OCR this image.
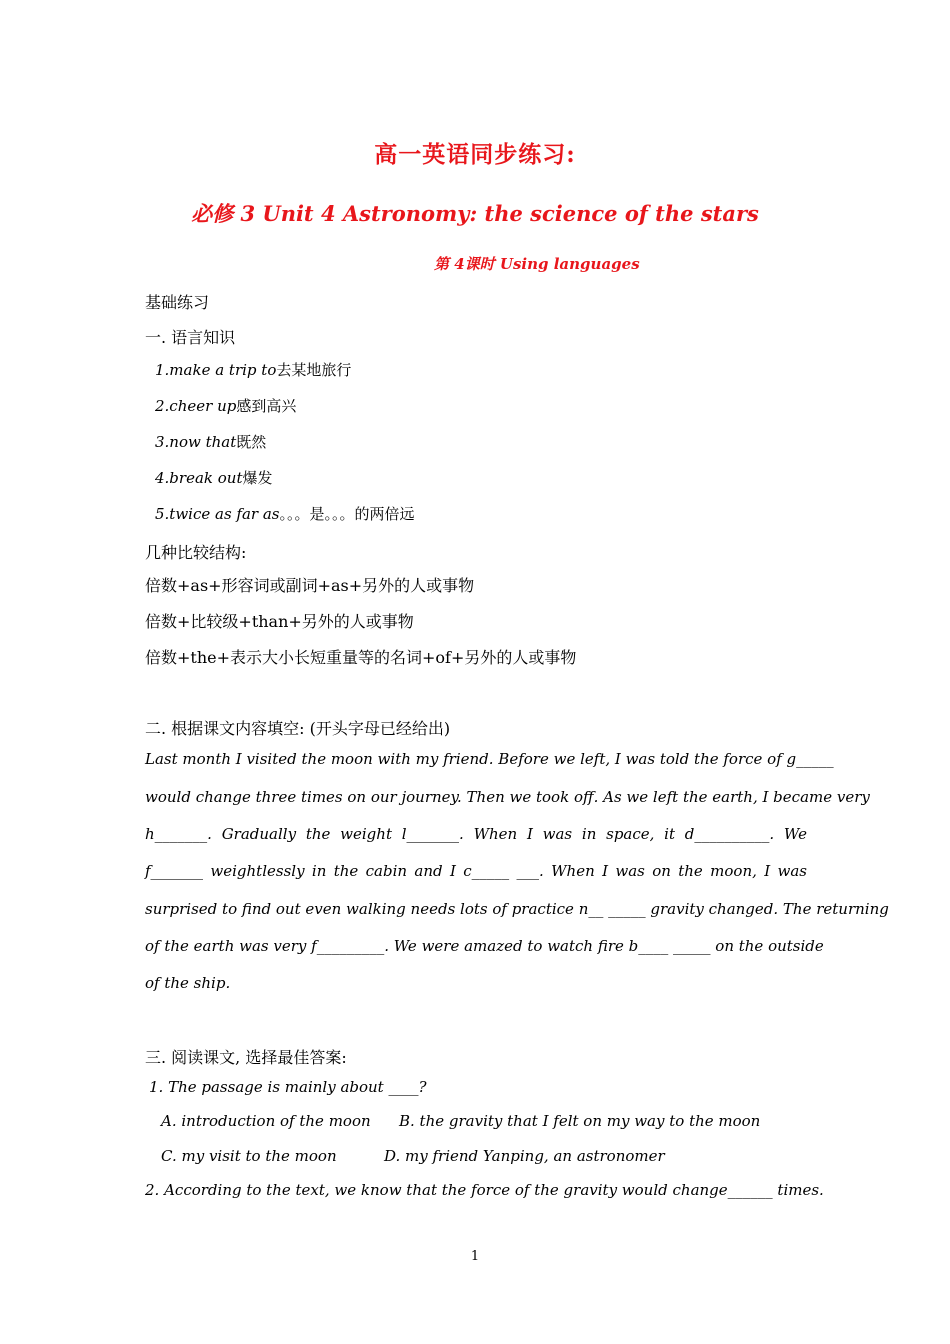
高一英语同步练习:
必修 3 Unit 4 Astronomy: the science of the stars
第 4课时 Using languages
基础练习
一. 语言知识
1.make a trip to去某地旅行
2.cheer up感到高兴
3.now that既然
4.break out爆发
5.twice as far as。。。是。。。的两倍远
几种比较结构:
倍数+as+形容词或副词+as+另外的人或事物
倍数+比较级+than+另外的人或事物
倍数+the+表示大小长短重量等的名词+of+另外的人或事物
二. 根据课文内容填空: (开头字母已经给出)
Last month I visited the moon with my friend. Before we left, I was told the force of g_____
would change three times on our journey. Then we took off. As we left the earth, I became very
h_______. Gradually the weight l_______. When I was in space, it d__________. We
f_______ weightlessly in the cabin and I c_____ ___. When I was on the moon, I was
surprised to find out even walking needs lots of practice n__ _____ gravity changed. The returning
of the earth was very f_________. We were amazed to watch fire b____ _____ on the outside
of the ship.
三. 阅读课文, 选择最佳答案:
1. The passage is mainly about ____?
A. introduction of the moon B. the gravity that I felt on my way to the moon
C. my visit to the moon	D. my friend Yanping, an astronomer
2. According to the text, we know that the force of the gravity would change______ times.
1
